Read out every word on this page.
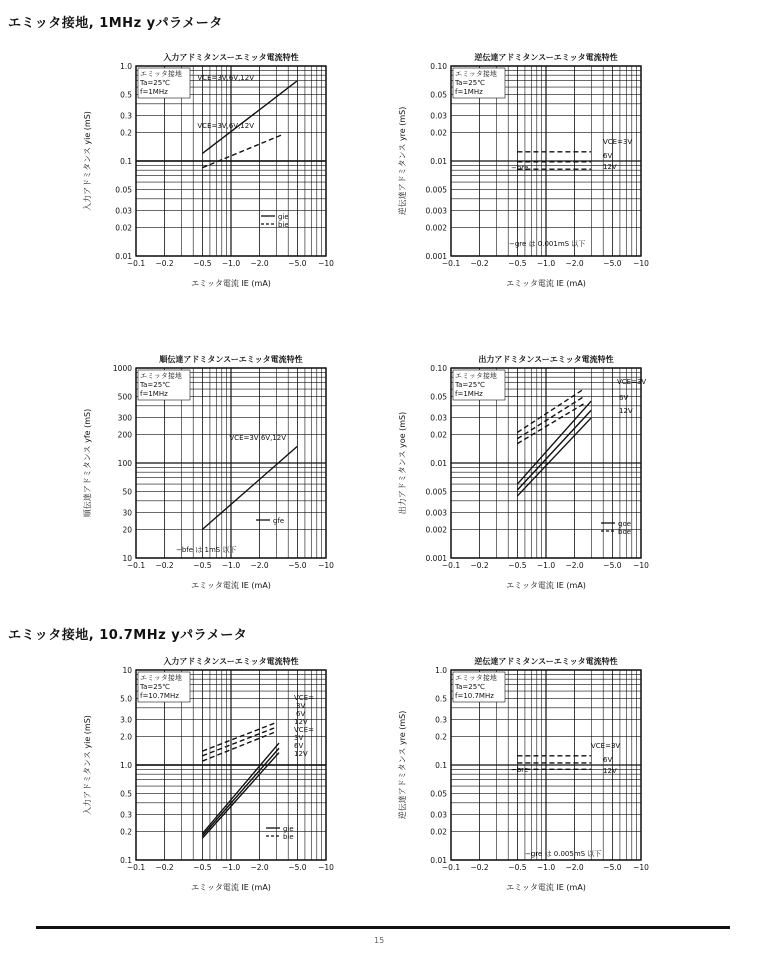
エミッタ接地, 1MHz yパラメータ
エミッタ接地, 10.7MHz yパラメータ
入力アドミタンスーエミッタ電流特性
−0.1 −0.2	−0.5 −1.0 −2.0	−5.0 −10
0.01
0.02
0.03
0.05
0.1
0.2
0.3
0.5
1.0
エミッタ電流 IE (mA)
入力アドミタンス yie (mS)
エミッタ接地
Ta=25℃
f=1MHz
VCE=3V,6V,12V
VCE=3V,6V,12V
gie
bie
逆伝達アドミタンスーエミッタ電流特性
−0.1 −0.2	−0.5 −1.0 −2.0	−5.0 −10
0.001
0.002
0.003
0.005
0.01
0.02
0.03
0.05
0.10
エミッタ電流 IE (mA)
逆伝達アドミタンス yre (mS)
エミッタ接地
Ta=25℃
f=1MHz
−bre
−gre は 0.001mS 以下
VCE=3V
6V
12V
順伝達アドミタンスーエミッタ電流特性
−0.1 −0.2	−0.5 −1.0 −2.0	−5.0 −10
10
20
30
50
100
200
300
500
1000
エミッタ電流 IE (mA)
順伝達アドミタンス yfe (mS)
エミッタ接地
Ta=25℃
f=1MHz
VCE=3V,6V,12V
−bfe は 1mS 以下
gfe
出力アドミタンスーエミッタ電流特性
−0.1 −0.2	−0.5 −1.0 −2.0	−5.0 −10
0.001
0.002
0.003
0.005
0.01
0.02
0.03
0.05
0.10
エミッタ電流 IE (mA)
出力アドミタンス yoe (mS)
エミッタ接地
Ta=25℃
f=1MHz
VCE=3V
6V
12V
goe
boe
入力アドミタンスーエミッタ電流特性
−0.1 −0.2	−0.5 −1.0 −2.0	−5.0 −10
0.1
0.2
0.3
0.5
1.0
2.0
3.0
5.0
10
エミッタ電流 IE (mA)
入力アドミタンス yie (mS)
エミッタ接地
Ta=25℃
f=10.7MHz	VCE=
VCE=
3V
6V
12V
3V
6V
12V
gie
bie
逆伝達アドミタンスーエミッタ電流特性
−0.1 −0.2	−0.5 −1.0 −2.0	−5.0 −10
0.01
0.02
0.03
0.05
0.1
0.2
0.3
0.5
1.0
エミッタ電流 IE (mA)
逆伝達アドミタンス yre (mS)
エミッタ接地
Ta=25℃
f=10.7MHz
−bre
−gre は 0.005mS 以下
VCE=3V
6V
12V
15
